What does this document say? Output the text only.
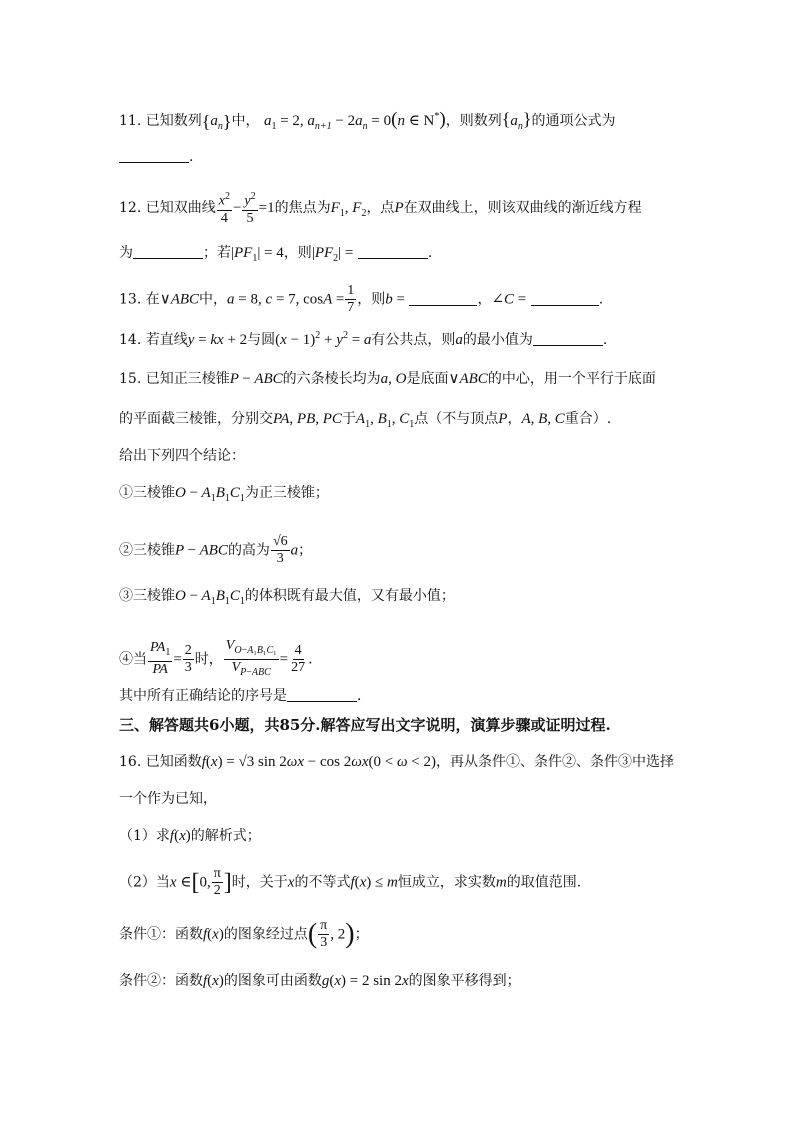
11. 已知数列$\{a_n\}$中， $a_1 = 2$, $a_{n+1} - 2a_n = 0(n$ ∈ N*)，则数列$\{a_n\}$的通项公式为
.
12. 已知双曲线 $\frac{x^2}{4} - \frac{y^2}{5} =1$的焦点为$F_1$, $F_2$，点P在双曲线上，则该双曲线的渐近线方程
为	；若$|PF_1| = 4$，则$|PF_2|$ =	.
13. 在∨ABC中，a = 8, c = 7, $\cos A = \frac{1}{7}$ ，则b =	，∠C =	.
14. 若直线y = kx + 2与圆$(x - 1)^2 + y^2 = a$有公共点，则a的最小值为	.
15. 已知正三棱锥P − ABC的六条棱长均为a, O是底面∨ABC的中心，用一个平行于底面
的平面截三棱锥，分别交PA, PB, PC于$A_1$, $B_1$, $C_1$点（不与顶点P，A, B, C重合）.
给出下列四个结论：
①三棱锥$O - A_1B_1C_1$为正三棱锥；
②三棱锥P − ABC的高为 $\frac{√6}{3}$ a；
③三棱锥$O - A_1B_1C_1$的体积既有最大值，又有最小值；
④当 $\frac{PA_1}{PA} = \frac{2}{3}$ 时， $\frac{V_{O-A_1B_1C_1}}{V_{P-ABC}} = \frac{4}{27}$ .
其中所有正确结论的序号是	.
三、解答题共6小题，共85分.解答应写出文字说明，演算步骤或证明过程.
16. 已知函数f(x) = √3 sin 2ωx − cos 2ωx(0 < ω < 2)，再从条件①、条件②、条件③中选择
一个作为已知，
（1）求f(x)的解析式；
（2）当x ∈[0, $\frac{\pi}{2}$ ]时，关于x的不等式f(x) ≤ m恒成立，求实数m的取值范围.
条件①：函数f(x)的图象经过点( $\frac{\pi}{3}$ , 2)；
条件②：函数f(x)的图象可由函数g(x) = 2 sin 2x的图象平移得到；
